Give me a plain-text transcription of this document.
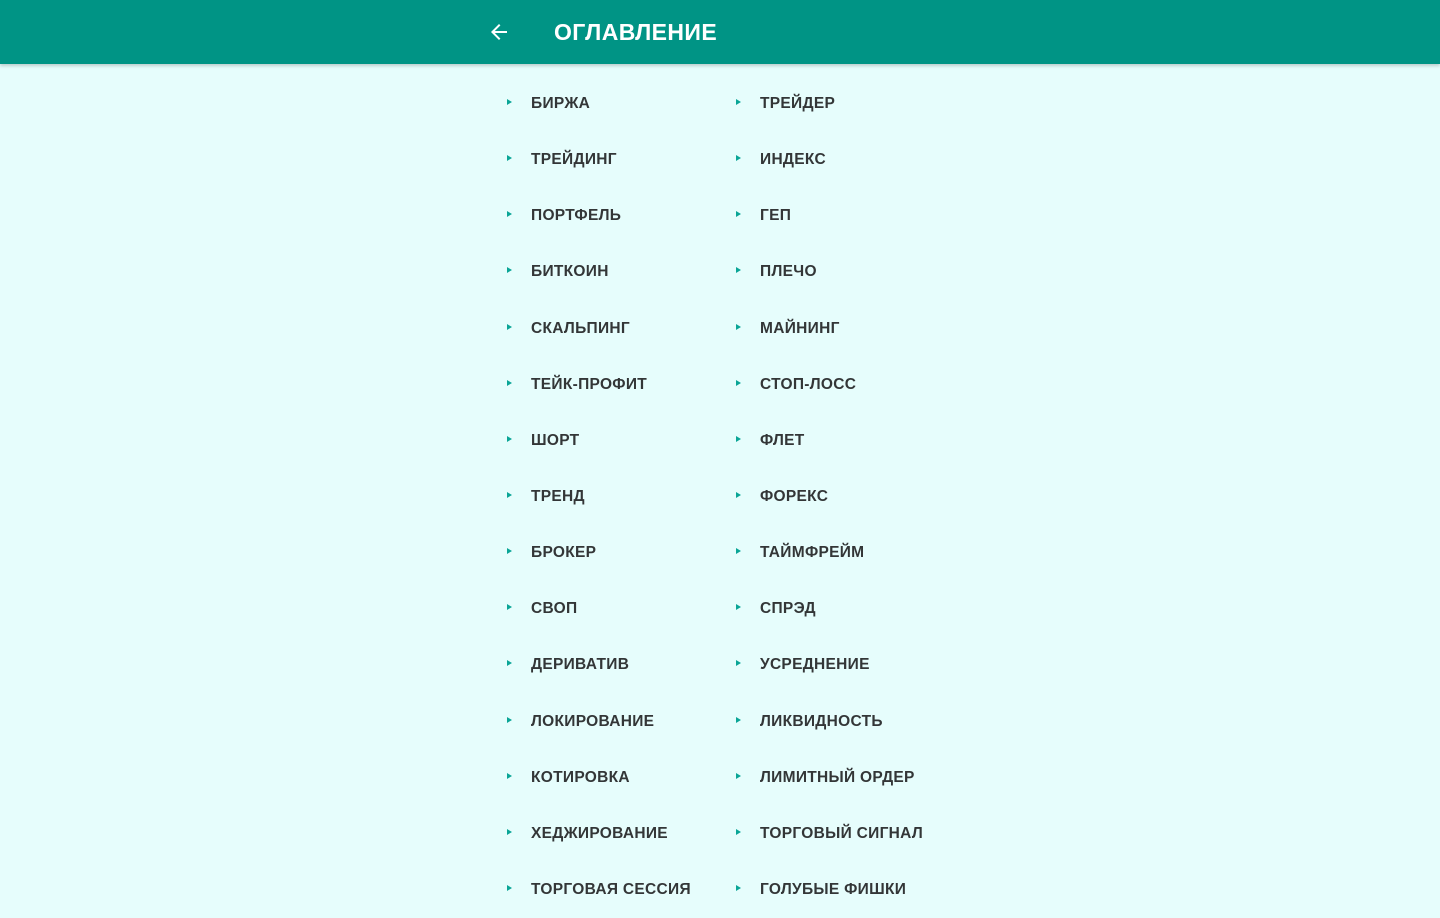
ОГЛАВЛЕНИЕ
БИРЖА	ТРЕЙДЕР
ТРЕЙДИНГ	ИНДЕКС
ПОРТФЕЛЬ	ГЕП
БИТКОИН	ПЛЕЧО
СКАЛЬПИНГ	МАЙНИНГ
ТЕЙК-ПРОФИТ	СТОП-ЛОСС
ШОРТ	ФЛЕТ
ТРЕНД	ФОРЕКС
БРОКЕР	ТАЙМФРЕЙМ
СВОП	СПРЭД
ДЕРИВАТИВ	УСРЕДНЕНИЕ
ЛОКИРОВАНИЕ	ЛИКВИДНОСТЬ
КОТИРОВКА	ЛИМИТНЫЙ ОРДЕР
ХЕДЖИРОВАНИЕ	ТОРГОВЫЙ СИГНАЛ
ТОРГОВАЯ СЕССИЯ	ГОЛУБЫЕ ФИШКИ
